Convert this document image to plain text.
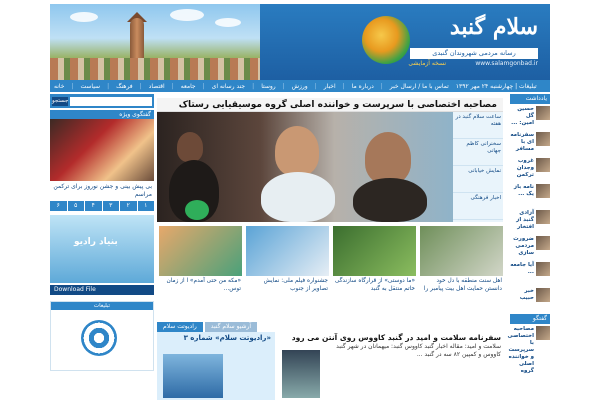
سلام گنبد
رسانه مردمی شهروندان گنبدی
www.salamgonbad.ir
نسخه آزمایشی
خانه | سیاست | فرهنگ | اقتصاد | جامعه | جند رسانه ای | روستا | ورزش | اخبار | درباره ما | تماس با ما / ارسال خبر تبلیغات | چهارشنبه ۲۴ مهر ۱۳۹۲
یادداشت
حسین گل امین: ...
سفرنامه ای با مسافر
غروب وجدان ترکمن
نامه باز یک ...
آزادی گنبد از افتخار
ضرورت مردمی سازی
آیا جامعه ...
خبر حبیب
گفتگو
مصاحبه اختصاصی با سرپرست و خواننده اصلی گروه
مصاحبه اختصاصی با سرپرست و خواننده اصلی گروه موسیقیایی رستاک
ساعت سلام گنبد در هفته
سخنرانی کاظم جهانی
نمایش خیابانی
اخبار فرهنگی
اهل سنت منطقه با دل خود دانستن حمایت اهل بیت پیامبر را
«ما دوستی» از قرارگاه سازندگی خاتم منتقل به گنبد
جشنواره فیلم ملی: نمایش تصاویر از جنوب
«مکه من حتی آمدم» ا از زمان توس...
رادیوتت سلام	آرشیو سلام گنبد
«رادیوتت سلام» شماره ۳	سفرنامه سلامت و امید در گنبد کاووس روی آنتن می رود
سلامت و امید: مقاله اخبار گنبد کاووس گنبد: میهمانان در شهر گنبد کاووس و کمپین ۸۲ سه در گنبد ...
جستجو
گفتگوی ویژه
بی پیش بینی و جشن نوروز برای ترکمن مراسم
۶	۵	۴	۳	۲	۱
بنیاد رادیو
Download File
تبلیغات
